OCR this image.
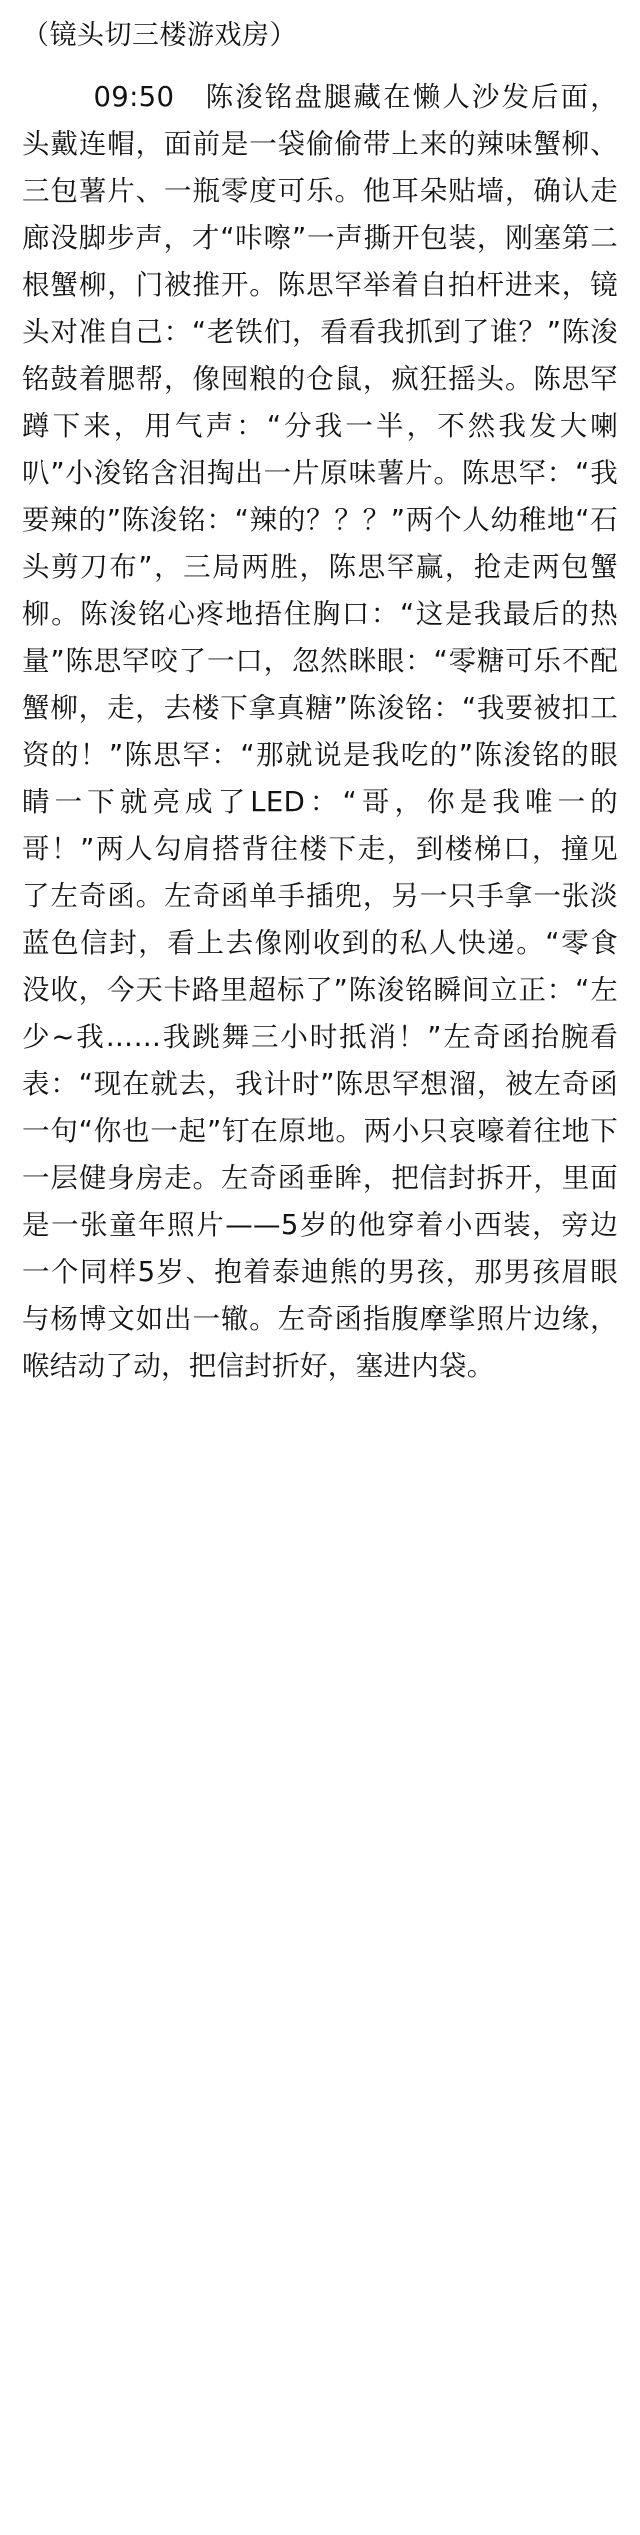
（镜头切三楼游戏房）
09:50　陈浚铭盘腿藏在懒人沙发后面，头戴连帽，面前是一袋偷偷带上来的辣味蟹柳、三包薯片、一瓶零度可乐。他耳朵贴墙，确认走廊没脚步声，才“咔嚓”一声撕开包装，刚塞第二根蟹柳，门被推开。陈思罕举着自拍杆进来，镜头对准自己：“老铁们，看看我抓到了谁？”陈浚铭鼓着腮帮，像囤粮的仓鼠，疯狂摇头。陈思罕蹲下来，用气声：“分我一半，不然我发大喇叭”小浚铭含泪掏出一片原味薯片。陈思罕：“我要辣的”陈浚铭：“辣的？？？”两个人幼稚地“石头剪刀布”，三局两胜，陈思罕赢，抢走两包蟹柳。陈浚铭心疼地捂住胸口：“这是我最后的热量”陈思罕咬了一口，忽然眯眼：“零糖可乐不配蟹柳，走，去楼下拿真糖”陈浚铭：“我要被扣工资的！”陈思罕：“那就说是我吃的”陈浚铭的眼睛一下就亮成了LED：“哥，你是我唯一的哥！”两人勾肩搭背往楼下走，到楼梯口，撞见了左奇函。左奇函单手插兜，另一只手拿一张淡蓝色信封，看上去像刚收到的私人快递。“零食没收，今天卡路里超标了”陈浚铭瞬间立正：“左少~我……我跳舞三小时抵消！”左奇函抬腕看表：“现在就去，我计时”陈思罕想溜，被左奇函一句“你也一起”钉在原地。两小只哀嚎着往地下一层健身房走。左奇函垂眸，把信封拆开，里面是一张童年照片——5岁的他穿着小西装，旁边一个同样5岁、抱着泰迪熊的男孩，那男孩眉眼与杨博文如出一辙。左奇函指腹摩挲照片边缘，喉结动了动，把信封折好，塞进内袋。
